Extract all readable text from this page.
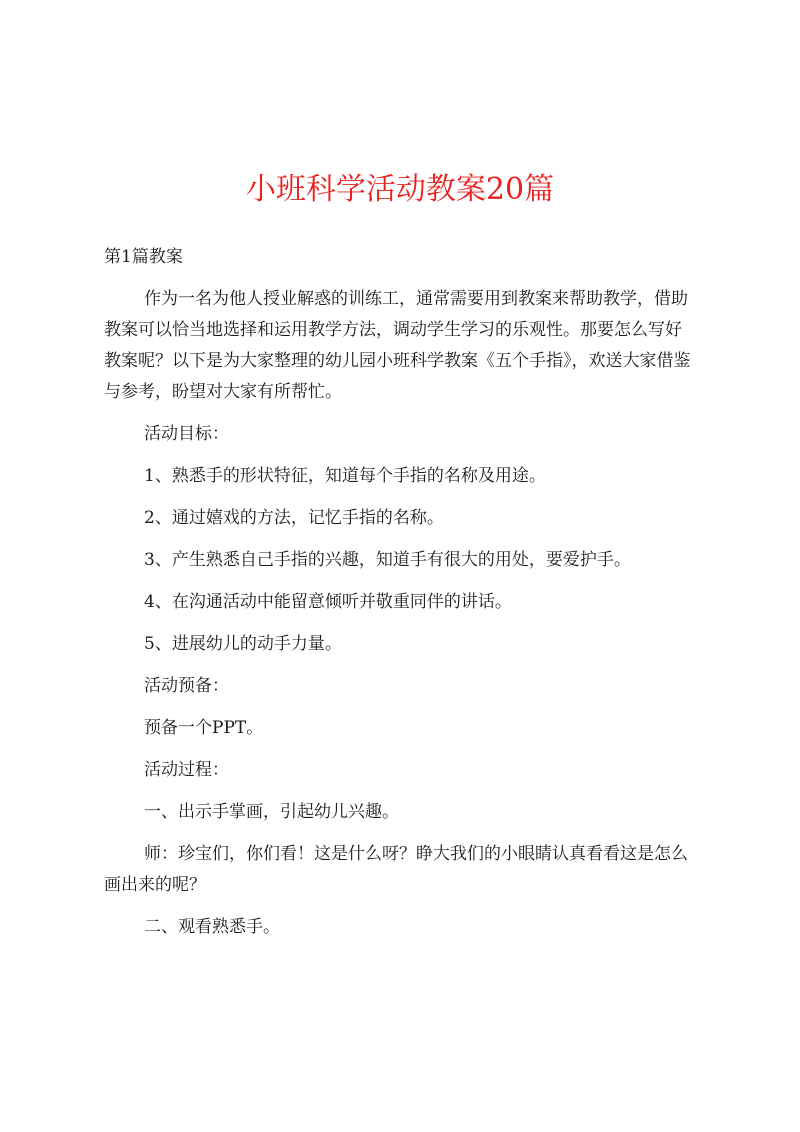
小班科学活动教案20篇

第1篇教案

作为一名为他人授业解惑的训练工，通常需要用到教案来帮助教学，借助教案可以恰当地选择和运用教学方法，调动学生学习的乐观性。那要怎么写好教案呢？以下是为大家整理的幼儿园小班科学教案《五个手指》，欢送大家借鉴与参考，盼望对大家有所帮忙。

活动目标：

1、熟悉手的形状特征，知道每个手指的名称及用途。

2、通过嬉戏的方法，记忆手指的名称。

3、产生熟悉自己手指的兴趣，知道手有很大的用处，要爱护手。

4、在沟通活动中能留意倾听并敬重同伴的讲话。

5、进展幼儿的动手力量。

活动预备：

预备一个PPT。

活动过程：

一、出示手掌画，引起幼儿兴趣。

师：珍宝们，你们看！这是什么呀？睁大我们的小眼睛认真看看这是怎么画出来的呢？

二、观看熟悉手。
